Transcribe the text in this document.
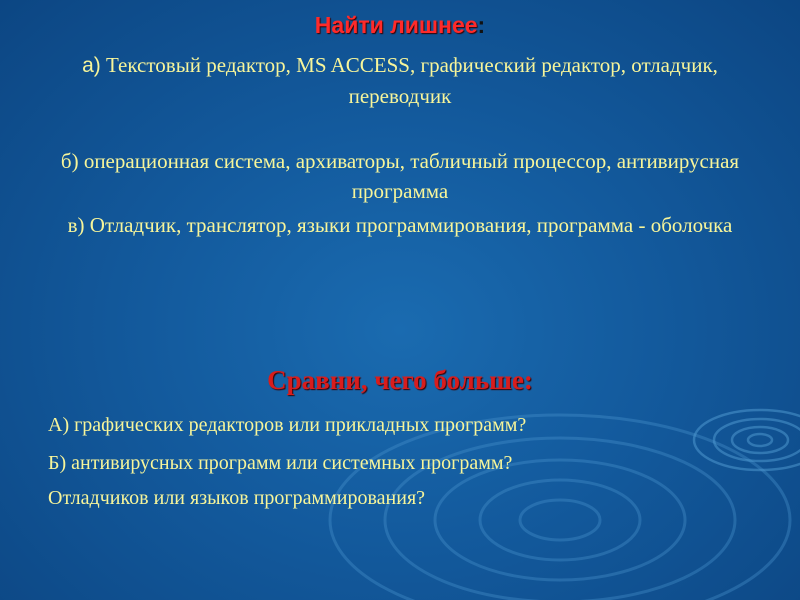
Найти лишнее:
а) Текстовый редактор, MS ACCESS, графический редактор, отладчик, переводчик
б) операционная система, архиваторы, табличный процессор, антивирусная программа
в) Отладчик, транслятор, языки программирования, программа - оболочка
Сравни, чего больше:
А) графических редакторов или прикладных программ?
Б) антивирусных программ или системных программ?
Отладчиков или языков программирования?
